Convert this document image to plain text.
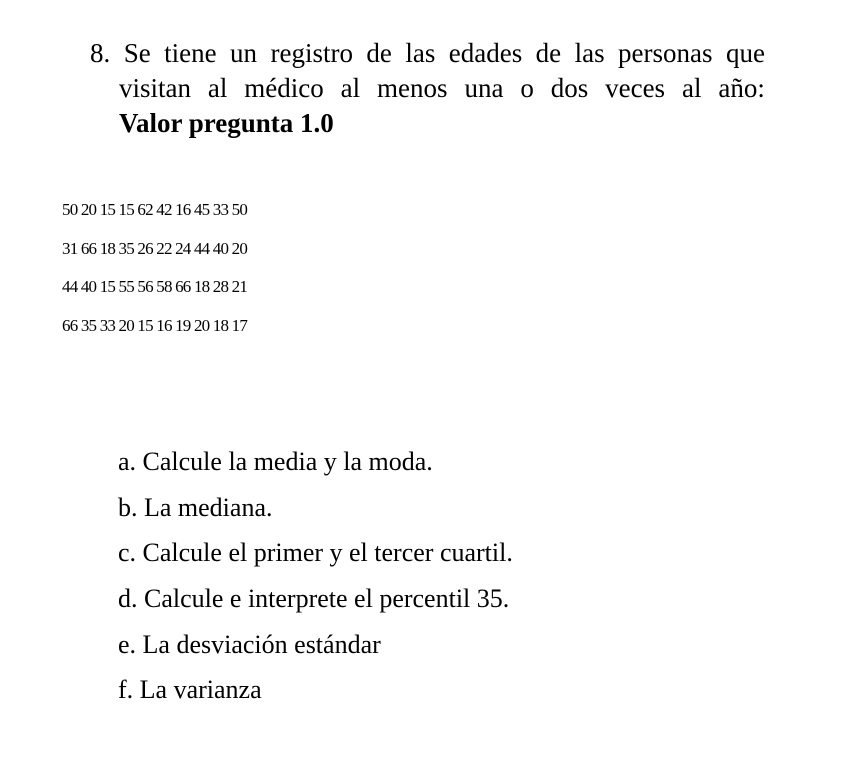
8. Se tiene un registro de las edades de las personas que
visitan al médico al menos una o dos veces al año:
Valor pregunta 1.0
50 20 15 15 62 42 16 45 33 50
31 66 18 35 26 22 24 44 40 20
44 40 15 55 56 58 66 18 28 21
66 35 33 20 15 16 19 20 18 17
a. Calcule la media y la moda.
b. La mediana.
c. Calcule el primer y el tercer cuartil.
d. Calcule e interprete el percentil 35.
e. La desviación estándar
f. La varianza
